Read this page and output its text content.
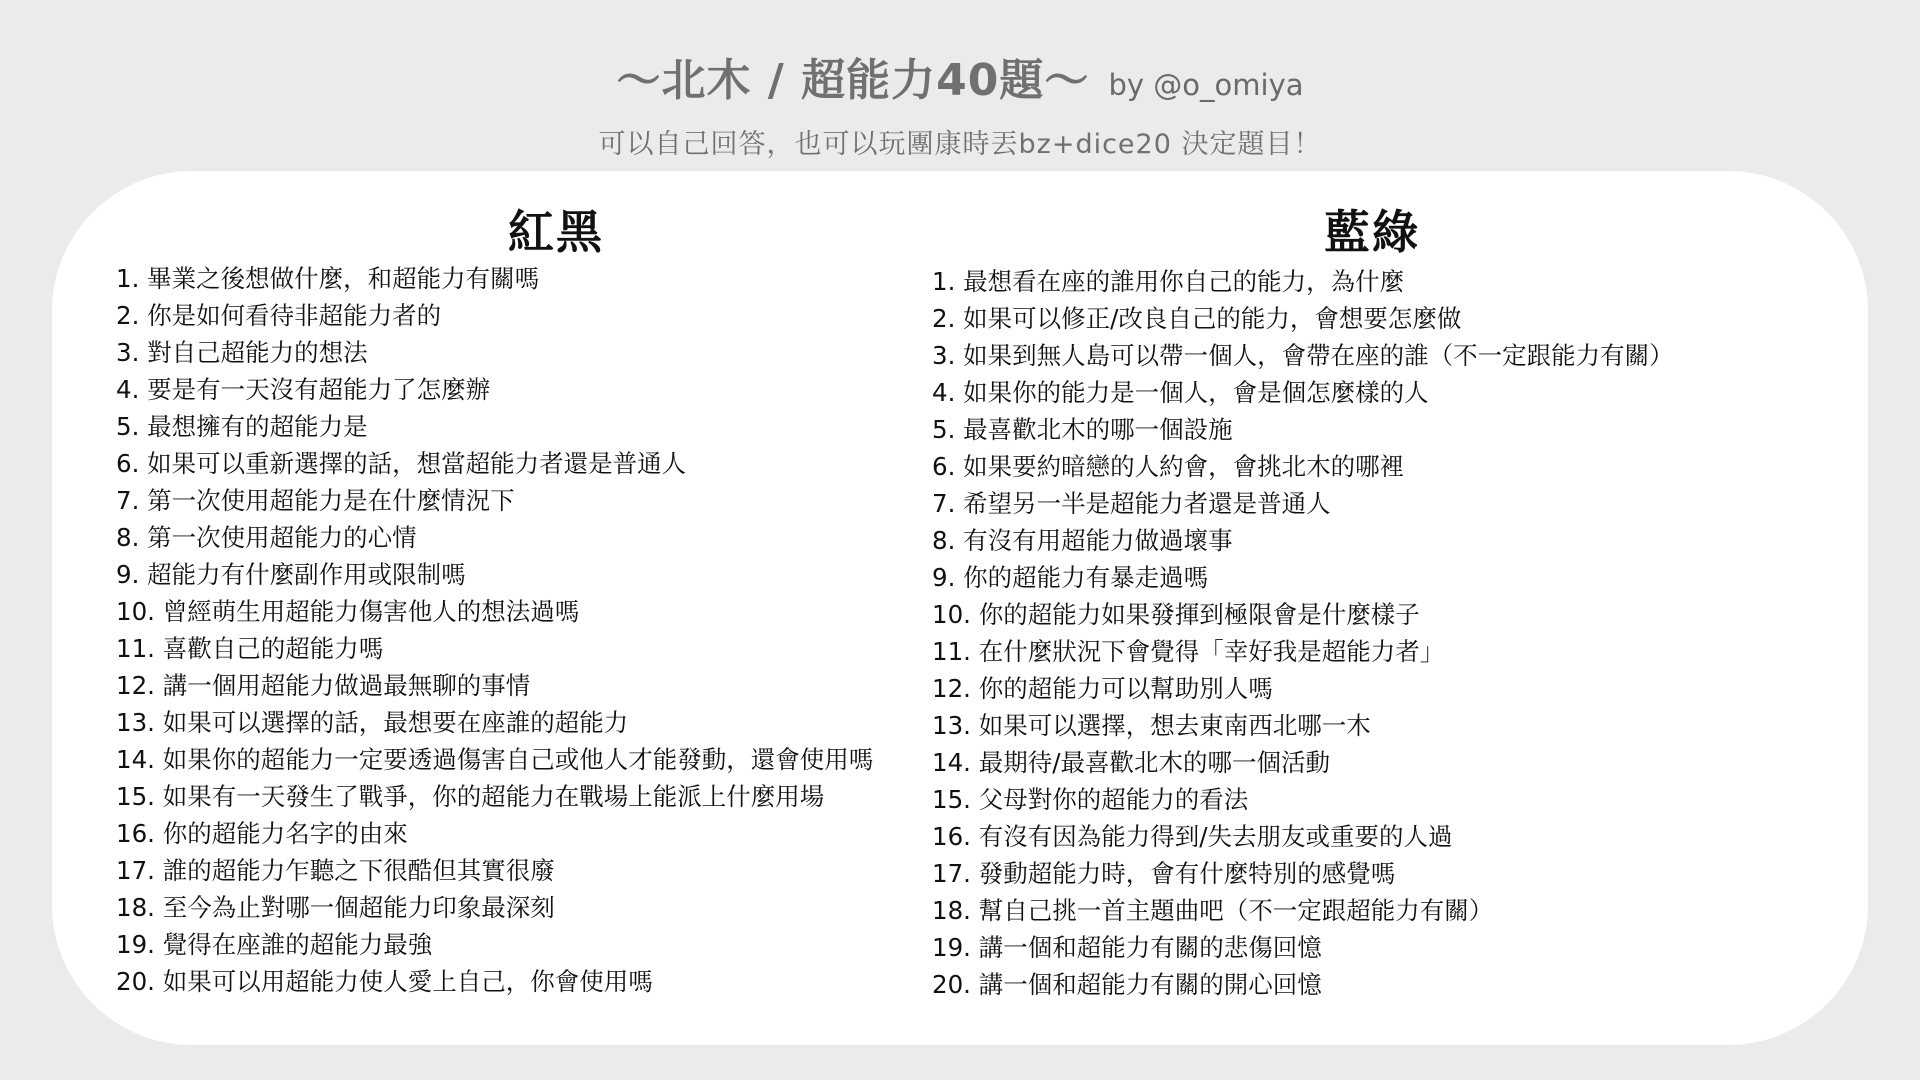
～北木 / 超能力40題～ by @o_omiya
可以自己回答，也可以玩團康時丟bz+dice20 決定題目！
紅黑
1. 畢業之後想做什麼，和超能力有關嗎
2. 你是如何看待非超能力者的
3. 對自己超能力的想法
4. 要是有一天沒有超能力了怎麼辦
5. 最想擁有的超能力是
6. 如果可以重新選擇的話，想當超能力者還是普通人
7. 第一次使用超能力是在什麼情況下
8. 第一次使用超能力的心情
9. 超能力有什麼副作用或限制嗎
10. 曾經萌生用超能力傷害他人的想法過嗎
11. 喜歡自己的超能力嗎
12. 講一個用超能力做過最無聊的事情
13. 如果可以選擇的話，最想要在座誰的超能力
14. 如果你的超能力一定要透過傷害自己或他人才能發動，還會使用嗎
15. 如果有一天發生了戰爭，你的超能力在戰場上能派上什麼用場
16. 你的超能力名字的由來
17. 誰的超能力乍聽之下很酷但其實很廢
18. 至今為止對哪一個超能力印象最深刻
19. 覺得在座誰的超能力最強
20. 如果可以用超能力使人愛上自己，你會使用嗎
藍綠
1. 最想看在座的誰用你自己的能力，為什麼
2. 如果可以修正/改良自己的能力，會想要怎麼做
3. 如果到無人島可以帶一個人，會帶在座的誰（不一定跟能力有關）
4. 如果你的能力是一個人，會是個怎麼樣的人
5. 最喜歡北木的哪一個設施
6. 如果要約暗戀的人約會，會挑北木的哪裡
7. 希望另一半是超能力者還是普通人
8. 有沒有用超能力做過壞事
9. 你的超能力有暴走過嗎
10. 你的超能力如果發揮到極限會是什麼樣子
11. 在什麼狀況下會覺得「幸好我是超能力者」
12. 你的超能力可以幫助別人嗎
13. 如果可以選擇，想去東南西北哪一木
14. 最期待/最喜歡北木的哪一個活動
15. 父母對你的超能力的看法
16. 有沒有因為能力得到/失去朋友或重要的人過
17. 發動超能力時，會有什麼特別的感覺嗎
18. 幫自己挑一首主題曲吧（不一定跟超能力有關）
19. 講一個和超能力有關的悲傷回憶
20. 講一個和超能力有關的開心回憶
